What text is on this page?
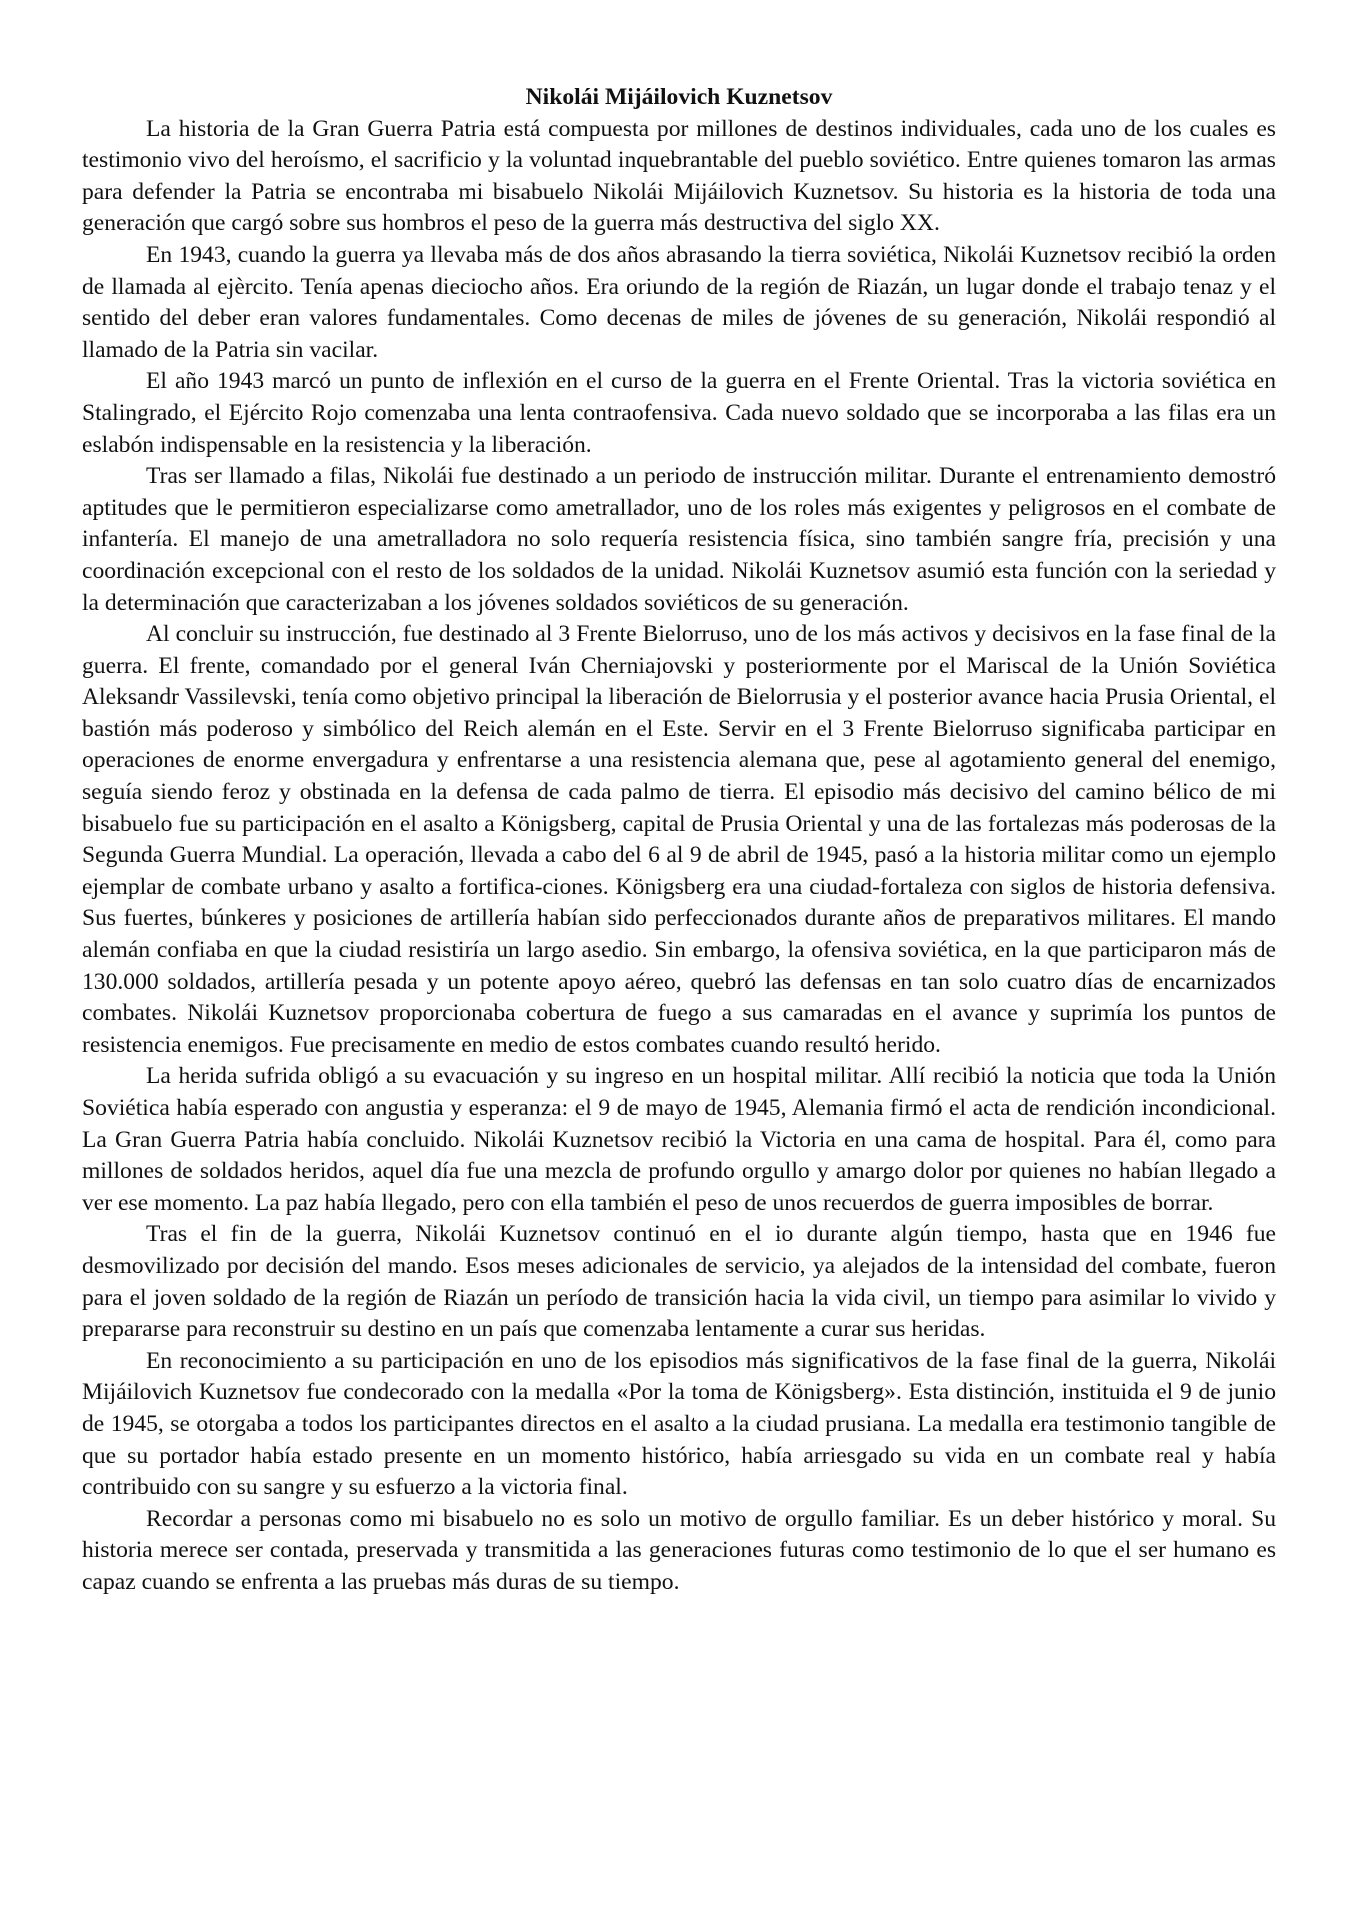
Nikolái Mijáilovich Kuznetsov

La historia de la Gran Guerra Patria está compuesta por millones de destinos individuales, cada uno de los cuales es testimonio vivo del heroísmo, el sacrificio y la voluntad inquebrantable del pueblo soviético. Entre quienes tomaron las armas para defender la Patria se encontraba mi bisabuelo Nikolái Mijáilovich Kuznetsov. Su historia es la historia de toda una generación que cargó sobre sus hombros el peso de la guerra más destructiva del siglo XX.

En 1943, cuando la guerra ya llevaba más de dos años abrasando la tierra soviética, Nikolái Kuznetsov recibió la orden de llamada al ejèrcito. Tenía apenas dieciocho años. Era oriundo de la región de Riazán, un lugar donde el trabajo tenaz y el sentido del deber eran valores fundamentales. Como decenas de miles de jóvenes de su generación, Nikolái respondió al llamado de la Patria sin vacilar.

El año 1943 marcó un punto de inflexión en el curso de la guerra en el Frente Oriental. Tras la victoria soviética en Stalingrado, el Ejército Rojo comenzaba una lenta contraofensiva. Cada nuevo soldado que se incorporaba a las filas era un eslabón indispensable en la resistencia y la liberación.

Tras ser llamado a filas, Nikolái fue destinado a un periodo de instrucción militar. Durante el entrenamiento demostró aptitudes que le permitieron especializarse como ametrallador, uno de los roles más exigentes y peligrosos en el combate de infantería. El manejo de una ametralladora no solo requería resistencia física, sino también sangre fría, precisión y una coordinación excepcional con el resto de los soldados de la unidad. Nikolái Kuznetsov asumió esta función con la seriedad y la determinación que caracterizaban a los jóvenes soldados soviéticos de su generación.

Al concluir su instrucción, fue destinado al 3 Frente Bielorruso, uno de los más activos y decisivos en la fase final de la guerra. El frente, comandado por el general Iván Cherniajovski y posteriormente por el Mariscal de la Unión Soviética Aleksandr Vassilevski, tenía como objetivo principal la liberación de Bielorrusia y el posterior avance hacia Prusia Oriental, el bastión más poderoso y simbólico del Reich alemán en el Este. Servir en el 3 Frente Bielorruso significaba participar en operaciones de enorme envergadura y enfrentarse a una resistencia alemana que, pese al agotamiento general del enemigo, seguía siendo feroz y obstinada en la defensa de cada palmo de tierra. El episodio más decisivo del camino bélico de mi bisabuelo fue su participación en el asalto a Königsberg, capital de Prusia Oriental y una de las fortalezas más poderosas de la Segunda Guerra Mundial. La operación, llevada a cabo del 6 al 9 de abril de 1945, pasó a la historia militar como un ejemplo ejemplar de combate urbano y asalto a fortifica-ciones. Königsberg era una ciudad-fortaleza con siglos de historia defensiva. Sus fuertes, búnkeres y posiciones de artillería habían sido perfeccionados durante años de preparativos militares. El mando alemán confiaba en que la ciudad resistiría un largo asedio. Sin embargo, la ofensiva soviética, en la que participaron más de 130.000 soldados, artillería pesada y un potente apoyo aéreo, quebró las defensas en tan solo cuatro días de encarnizados combates. Nikolái Kuznetsov proporcionaba cobertura de fuego a sus camaradas en el avance y suprimía los puntos de resistencia enemigos. Fue precisamente en medio de estos combates cuando resultó herido.

La herida sufrida obligó a su evacuación y su ingreso en un hospital militar. Allí recibió la noticia que toda la Unión Soviética había esperado con angustia y esperanza: el 9 de mayo de 1945, Alemania firmó el acta de rendición incondicional. La Gran Guerra Patria había concluido. Nikolái Kuznetsov recibió la Victoria en una cama de hospital. Para él, como para millones de soldados heridos, aquel día fue una mezcla de profundo orgullo y amargo dolor por quienes no habían llegado a ver ese momento. La paz había llegado, pero con ella también el peso de unos recuerdos de guerra imposibles de borrar.

Tras el fin de la guerra, Nikolái Kuznetsov continuó en el io durante algún tiempo, hasta que en 1946 fue desmovilizado por decisión del mando. Esos meses adicionales de servicio, ya alejados de la intensidad del combate, fueron para el joven soldado de la región de Riazán un período de transición hacia la vida civil, un tiempo para asimilar lo vivido y prepararse para reconstruir su destino en un país que comenzaba lentamente a curar sus heridas.

En reconocimiento a su participación en uno de los episodios más significativos de la fase final de la guerra, Nikolái Mijáilovich Kuznetsov fue condecorado con la medalla «Por la toma de Königsberg». Esta distinción, instituida el 9 de junio de 1945, se otorgaba a todos los participantes directos en el asalto a la ciudad prusiana. La medalla era testimonio tangible de que su portador había estado presente en un momento histórico, había arriesgado su vida en un combate real y había contribuido con su sangre y su esfuerzo a la victoria final.

Recordar a personas como mi bisabuelo no es solo un motivo de orgullo familiar. Es un deber histórico y moral. Su historia merece ser contada, preservada y transmitida a las generaciones futuras como testimonio de lo que el ser humano es capaz cuando se enfrenta a las pruebas más duras de su tiempo.
